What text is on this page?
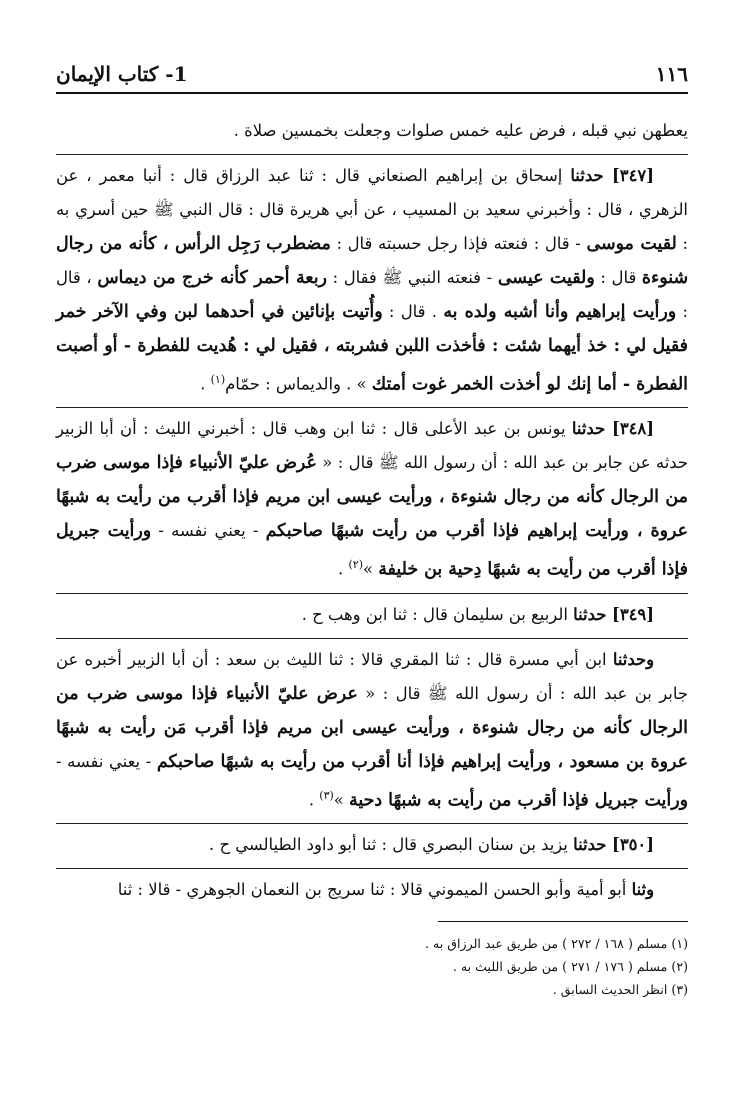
١١٦
1- كتاب الإيمان

يعطهن نبي قبله ، فرض عليه خمس صلوات وجعلت بخمسين صلاة .

[٣٤٧] حدثنا إسحاق بن إبراهيم الصنعاني قال : ثنا عبد الرزاق قال : أنبا معمر ، عن الزهري ، قال : وأخبرني سعيد بن المسيب ، عن أبي هريرة قال : قال النبي ﷺ حين أسري به : لقيت موسى - قال : فنعته فإذا رجل حسبته قال : مضطرب رَجِل الرأس ، كأنه من رجال شنوءة قال : ولقيت عيسى - فنعته النبي ﷺ فقال : ربعة أحمر كأنه خرج من ديماس ، قال : ورأيت إبراهيم وأنا أشبه ولده به . قال : وأُتيت بإنائين في أحدهما لبن وفي الآخر خمر فقيل لي : خذ أيهما شئت : فأخذت اللبن فشربته ، فقيل لي : هُديت للفطرة - أو أصبت الفطرة - أما إنك لو أخذت الخمر غوت أمتك » . والديماس : حمّام$^{(١)}$ .

[٣٤٨] حدثنا يونس بن عبد الأعلى قال : ثنا ابن وهب قال : أخبرني الليث : أن أبا الزبير حدثه عن جابر بن عبد الله : أن رسول الله ﷺ قال : « عُرض عليّ الأنبياء فإذا موسى ضرب من الرجال كأنه من رجال شنوءة ، ورأيت عيسى ابن مريم فإذا أقرب من رأيت به شبهًا عروة ، ورأيت إبراهيم فإذا أقرب من رأيت شبهًا صاحبكم - يعني نفسه - ورأيت جبريل فإذا أقرب من رأيت به شبهًا دِحية بن خليفة »$^{(٢)}$ .

[٣٤٩] حدثنا الربيع بن سليمان قال : ثنا ابن وهب ح .

وحدثنا ابن أبي مسرة قال : ثنا المقري قالا : ثنا الليث بن سعد : أن أبا الزبير أخبره عن جابر بن عبد الله : أن رسول الله ﷺ قال : « عرض عليّ الأنبياء فإذا موسى ضرب من الرجال كأنه من رجال شنوءة ، ورأيت عيسى ابن مريم فإذا أقرب مَن رأيت به شبهًا عروة بن مسعود ، ورأيت إبراهيم فإذا أنا أقرب من رأيت به شبهًا صاحبكم - يعني نفسه - ورأيت جبريل فإذا أقرب من رأيت به شبهًا دحية »$^{(٣)}$ .

[٣٥٠] حدثنا يزيد بن سنان البصري قال : ثنا أبو داود الطيالسي ح .

وثنا أبو أمية وأبو الحسن الميموني قالا : ثنا سريج بن النعمان الجوهري - قالا : ثنا

(١) مسلم ( ١٦٨ / ٢٧٢ ) من طريق عبد الرزاق به .
(٢) مسلم ( ١٧٦ / ٢٧١ ) من طريق الليث به .
(٣) انظر الحديث السابق .
